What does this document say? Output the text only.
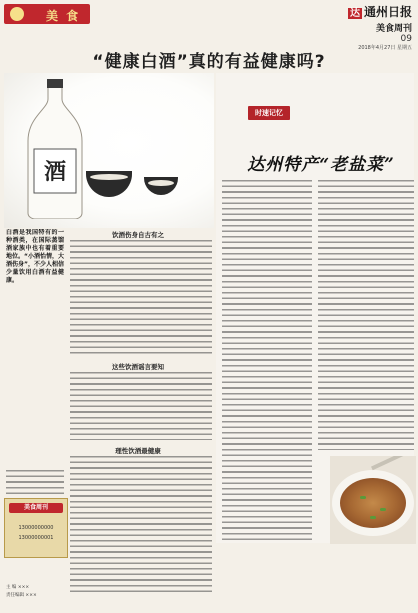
美 食	达 通州日报
美食周刊
09
2018年4月27日 星期五
“健康白酒”真的有益健康吗?
酒
白酒是我国特有的一种酒类，在国际蒸馏酒家族中也有着重要地位。“小酒怡情，大酒伤身”，不少人相信少量饮用白酒有益健康。
饮酒伤身自古有之
这些饮酒谣言要知
理性饮酒最健康
美食周刊
13000000000
13000000001
主 编 ×××
责任编辑 ×××
时速记忆
达州特产“老盐菜”
